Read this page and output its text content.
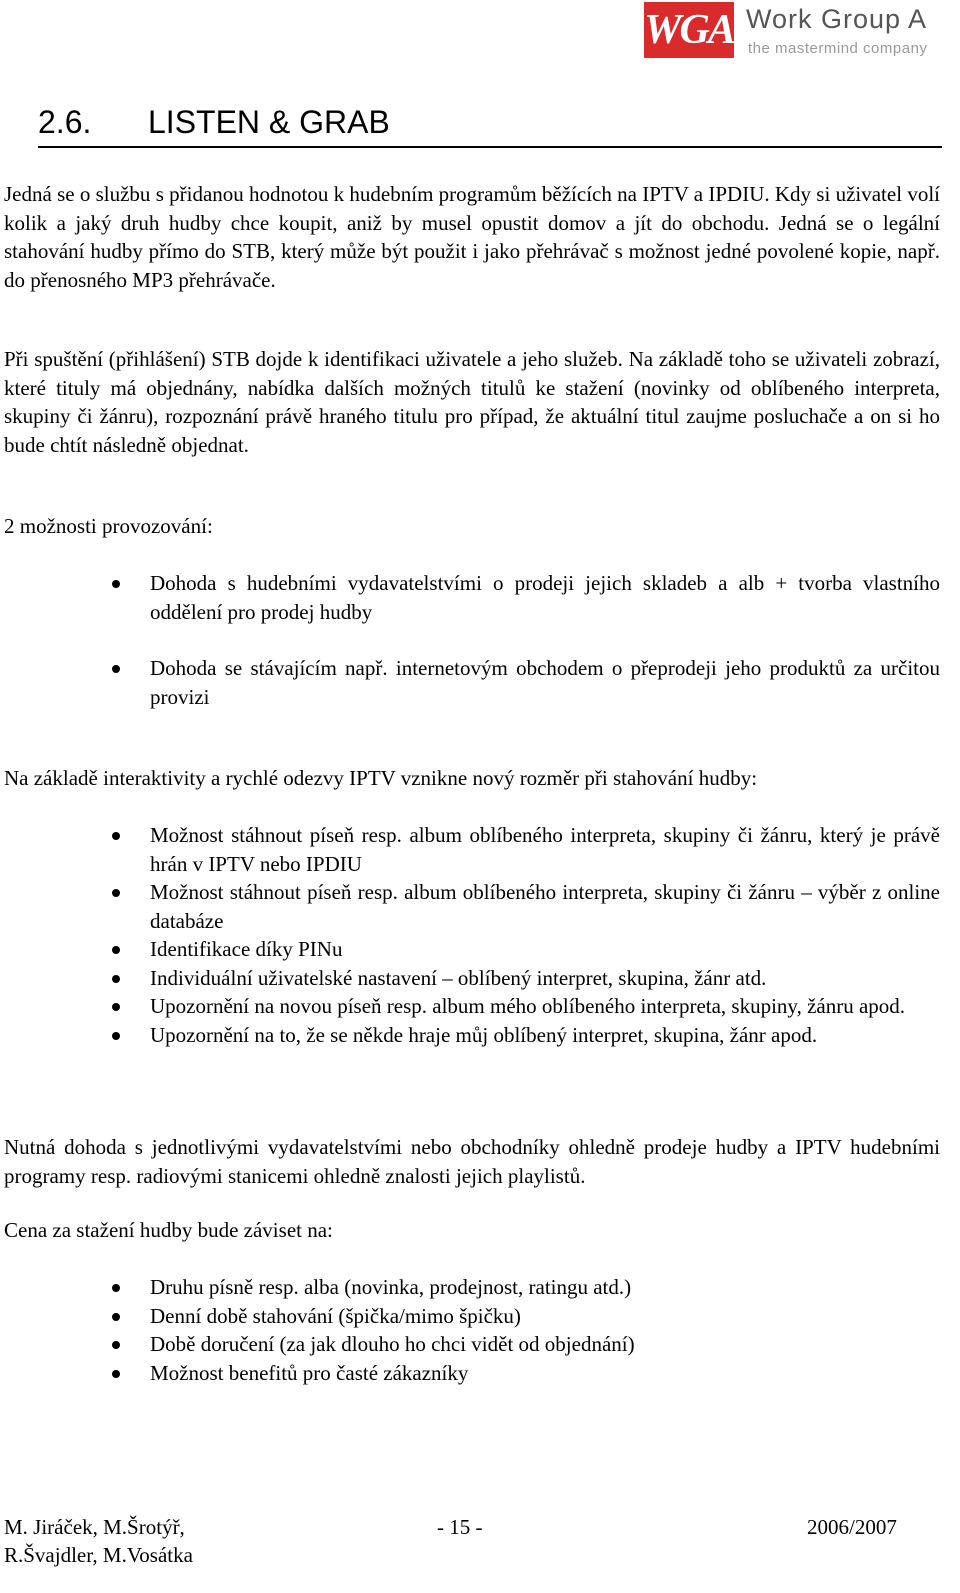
WGA Work Group A
the mastermind company
2.6. LISTEN & GRAB

Jedná se o službu s přidanou hodnotou k hudebním programům běžících na IPTV a IPDIU. Kdy si uživatel volí kolik a jaký druh hudby chce koupit, aniž by musel opustit domov a jít do obchodu. Jedná se o legální stahování hudby přímo do STB, který může být použit i jako přehrávač s možnost jedné povolené kopie, např. do přenosného MP3 přehrávače.

Při spuštění (přihlášení) STB dojde k identifikaci uživatele a jeho služeb. Na základě toho se uživateli zobrazí, které tituly má objednány, nabídka dalších možných titulů ke stažení (novinky od oblíbeného interpreta, skupiny či žánru), rozpoznání právě hraného titulu pro případ, že aktuální titul zaujme posluchače a on si ho bude chtít následně objednat.

2 možnosti provozování:

Dohoda s hudebními vydavatelstvími o prodeji jejich skladeb a alb + tvorba vlastního oddělení pro prodej hudby
Dohoda se stávajícím např. internetovým obchodem o přeprodeji jeho produktů za určitou provizi

Na základě interaktivity a rychlé odezvy IPTV vznikne nový rozměr při stahování hudby:

Možnost stáhnout píseň resp. album oblíbeného interpreta, skupiny či žánru, který je právě hrán v IPTV nebo IPDIU
Možnost stáhnout píseň resp. album oblíbeného interpreta, skupiny či žánru – výběr z online databáze
Identifikace díky PINu
Individuální uživatelské nastavení – oblíbený interpret, skupina, žánr atd.
Upozornění na novou píseň resp. album mého oblíbeného interpreta, skupiny, žánru apod.
Upozornění na to, že se někde hraje můj oblíbený interpret, skupina, žánr apod.

Nutná dohoda s jednotlivými vydavatelstvími nebo obchodníky ohledně prodeje hudby a IPTV hudebními programy resp. radiovými stanicemi ohledně znalosti jejich playlistů.

Cena za stažení hudby bude záviset na:

Druhu písně resp. alba (novinka, prodejnost, ratingu atd.)
Denní době stahování (špička/mimo špičku)
Době doručení (za jak dlouho ho chci vidět od objednání)
Možnost benefitů pro časté zákazníky
M. Jiráček, M.Šrotýř,
R.Švajdler, M.Vosátka
- 15 -	2006/2007
